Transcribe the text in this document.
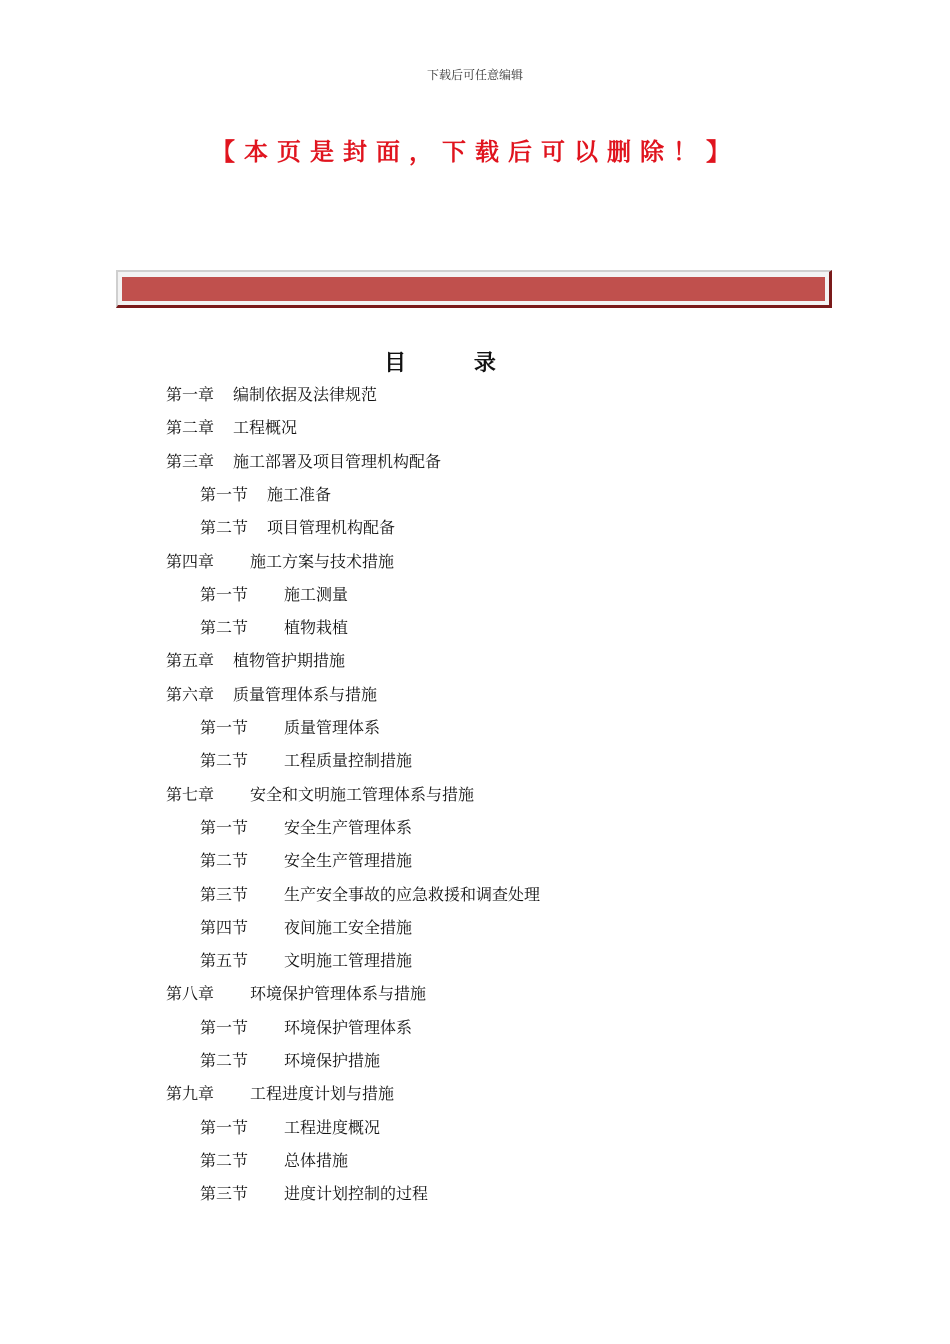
下载后可任意编辑
【本页是封面，下载后可以删除！】
目 录
第一章 编制依据及法律规范
第二章 工程概况
第三章 施工部署及项目管理机构配备
第一节 施工准备
第二节 项目管理机构配备
第四章 施工方案与技术措施
第一节 施工测量
第二节 植物栽植
第五章 植物管护期措施
第六章 质量管理体系与措施
第一节 质量管理体系
第二节 工程质量控制措施
第七章 安全和文明施工管理体系与措施
第一节 安全生产管理体系
第二节 安全生产管理措施
第三节 生产安全事故的应急救援和调查处理
第四节 夜间施工安全措施
第五节 文明施工管理措施
第八章 环境保护管理体系与措施
第一节 环境保护管理体系
第二节 环境保护措施
第九章 工程进度计划与措施
第一节 工程进度概况
第二节 总体措施
第三节 进度计划控制的过程
